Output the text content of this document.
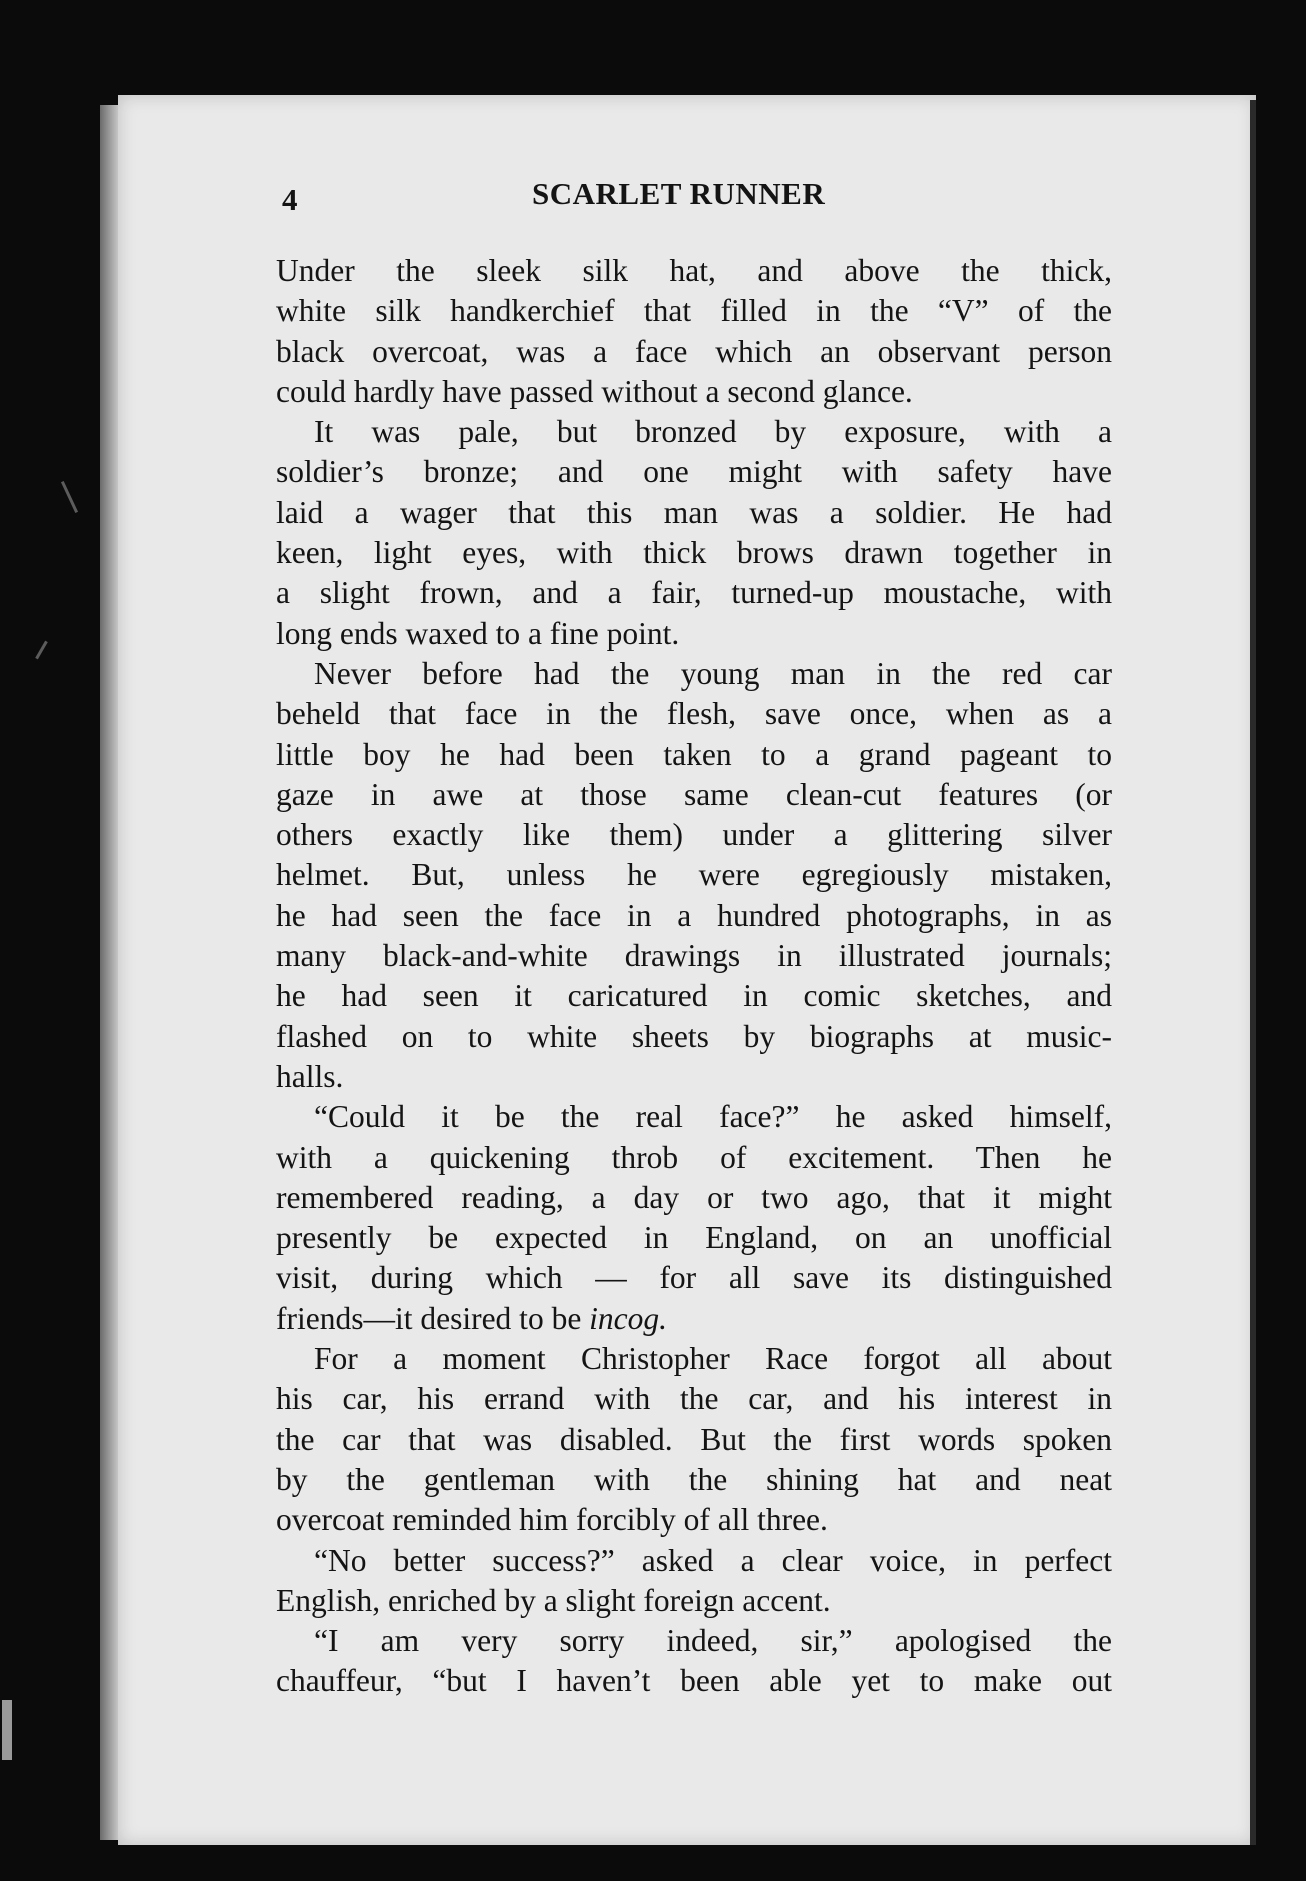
4	SCARLET RUNNER
Under the sleek silk hat, and above the thick,
white silk handkerchief that filled in the “V” of the
black overcoat, was a face which an observant person
could hardly have passed without a second glance.
It was pale, but bronzed by exposure, with a
soldier’s bronze; and one might with safety have
laid a wager that this man was a soldier. He had
keen, light eyes, with thick brows drawn together in
a slight frown, and a fair, turned-up moustache, with
long ends waxed to a fine point.
Never before had the young man in the red car
beheld that face in the flesh, save once, when as a
little boy he had been taken to a grand pageant to
gaze in awe at those same clean-cut features (or
others exactly like them) under a glittering silver
helmet. But, unless he were egregiously mistaken,
he had seen the face in a hundred photographs, in as
many black-and-white drawings in illustrated journals;
he had seen it caricatured in comic sketches, and
flashed on to white sheets by biographs at music-
halls.
“Could it be the real face?” he asked himself,
with a quickening throb of excitement. Then he
remembered reading, a day or two ago, that it might
presently be expected in England, on an unofficial
visit, during which — for all save its distinguished
friends—it desired to be incog.
For a moment Christopher Race forgot all about
his car, his errand with the car, and his interest in
the car that was disabled. But the first words spoken
by the gentleman with the shining hat and neat
overcoat reminded him forcibly of all three.
“No better success?” asked a clear voice, in perfect
English, enriched by a slight foreign accent.
“I am very sorry indeed, sir,” apologised the
chauffeur, “but I haven’t been able yet to make out
